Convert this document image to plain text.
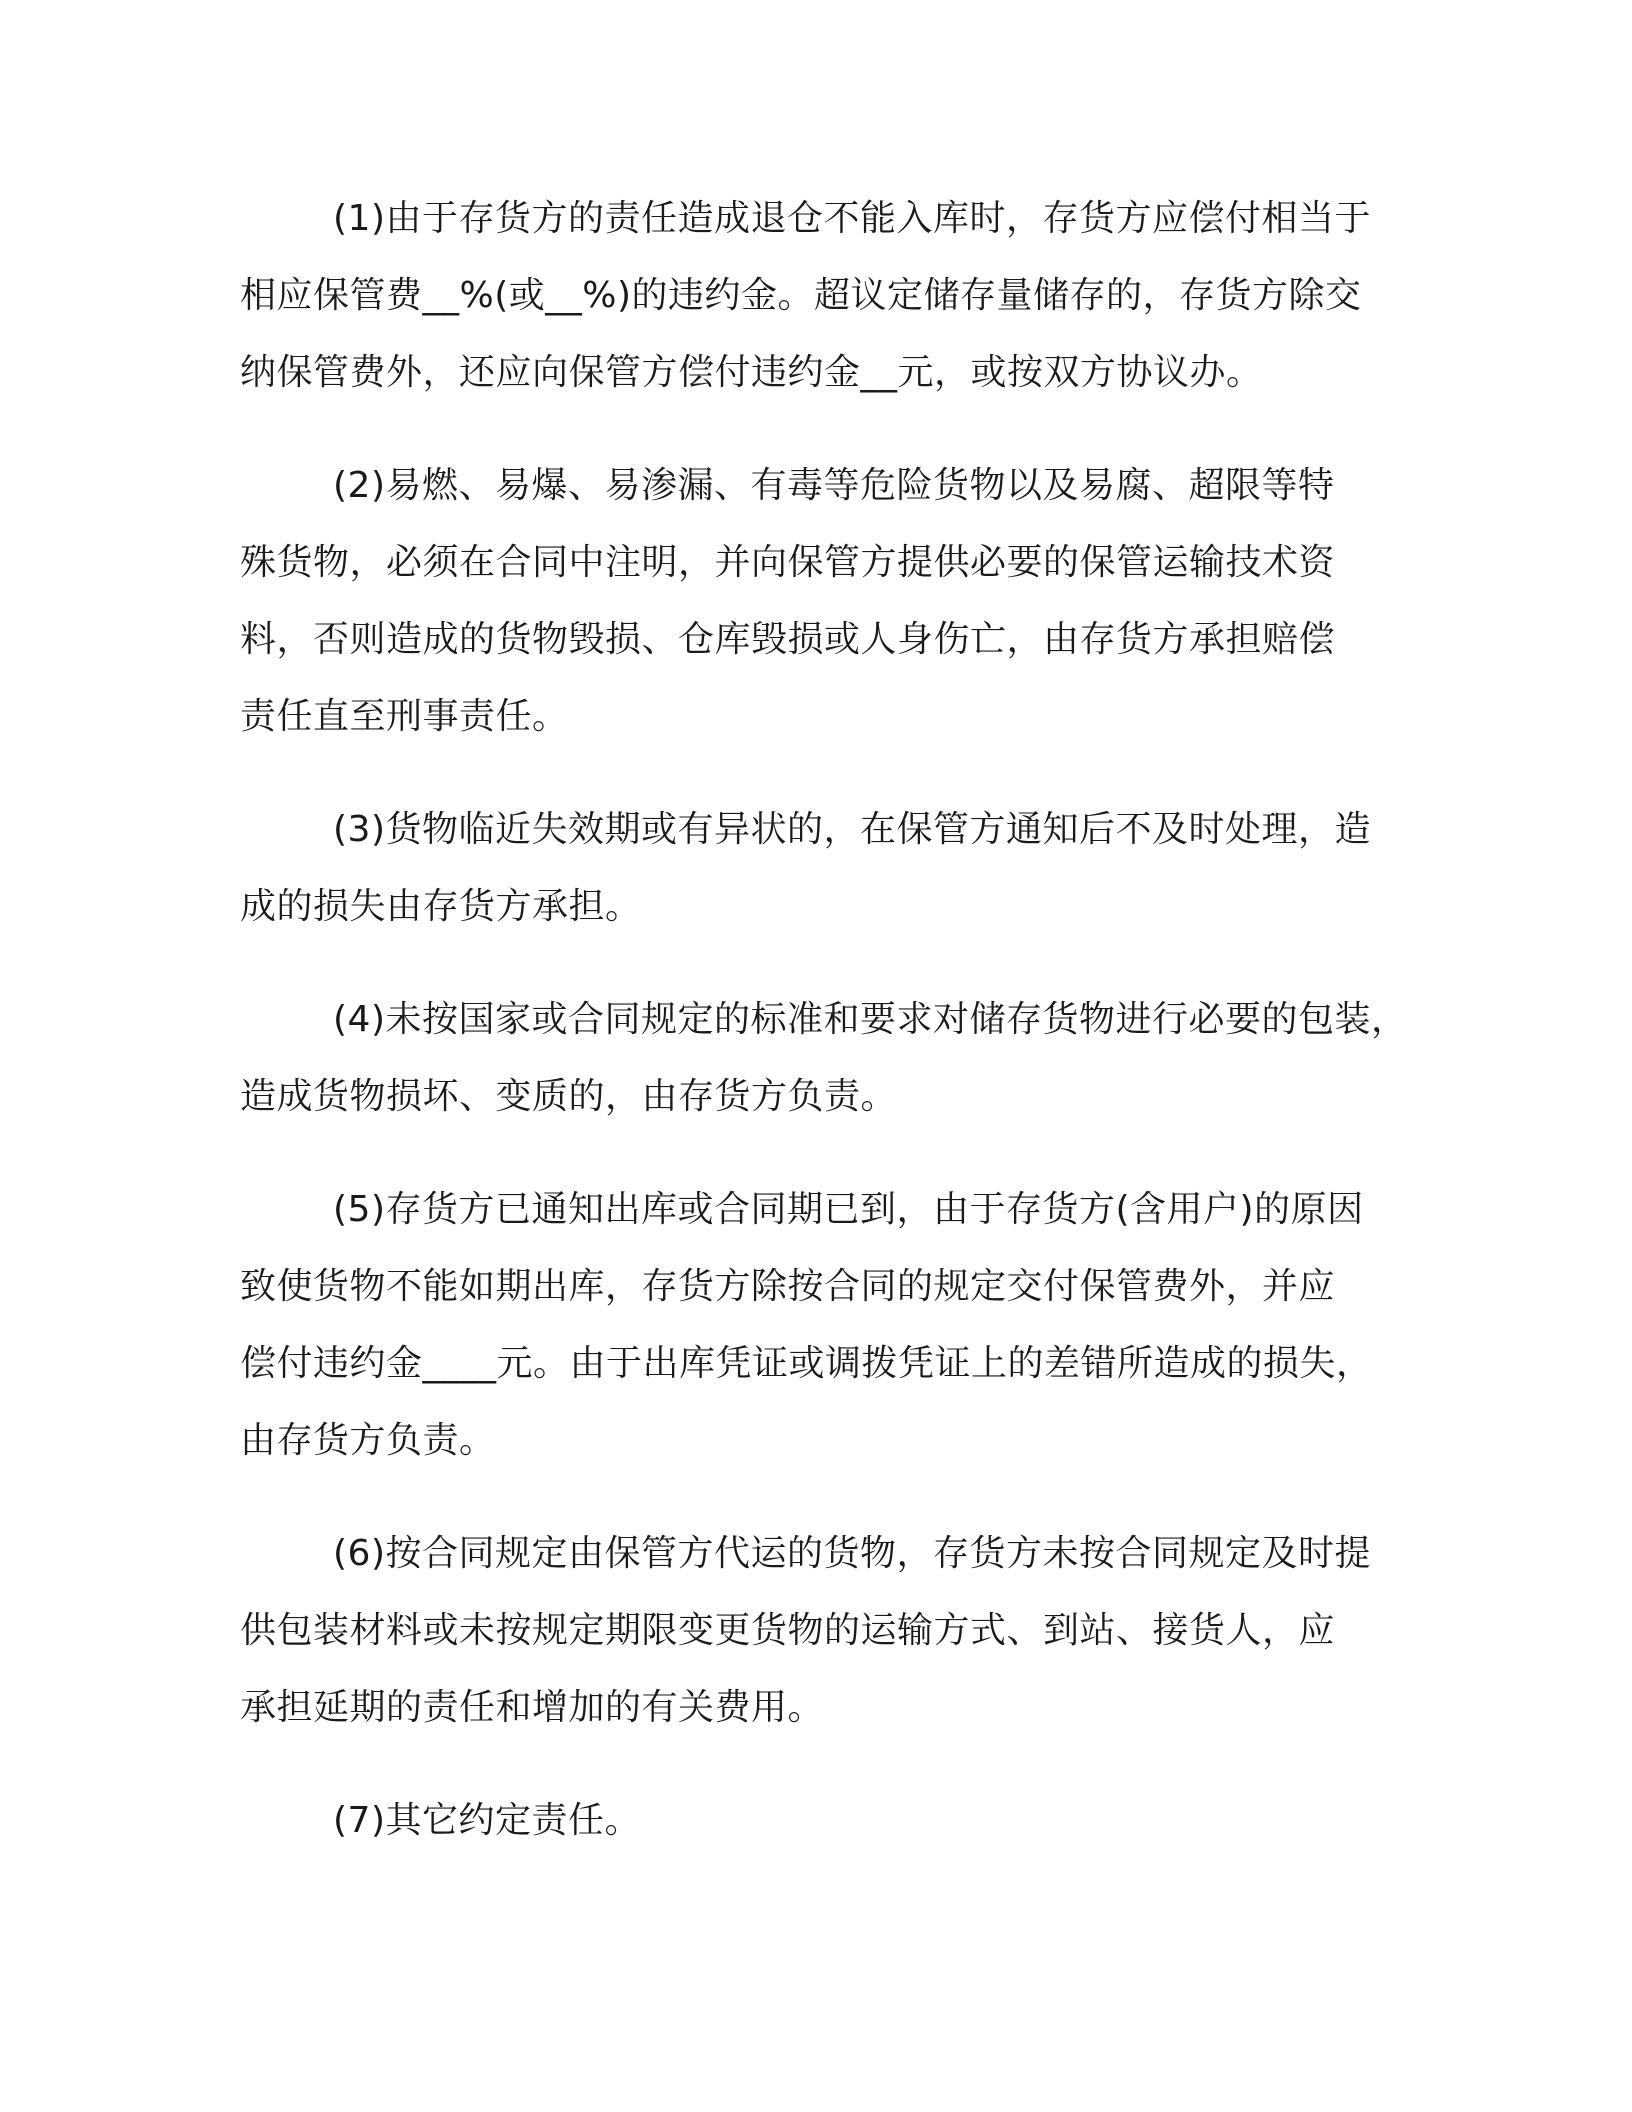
(1)由于存货方的责任造成退仓不能入库时，存货方应偿付相当于
相应保管费__%(或__%)的违约金。超议定储存量储存的，存货方除交
纳保管费外，还应向保管方偿付违约金__元，或按双方协议办。
(2)易燃、易爆、易渗漏、有毒等危险货物以及易腐、超限等特
殊货物，必须在合同中注明，并向保管方提供必要的保管运输技术资
料，否则造成的货物毁损、仓库毁损或人身伤亡，由存货方承担赔偿
责任直至刑事责任。
(3)货物临近失效期或有异状的，在保管方通知后不及时处理，造
成的损失由存货方承担。
(4)未按国家或合同规定的标准和要求对储存货物进行必要的包装，
造成货物损坏、变质的，由存货方负责。
(5)存货方已通知出库或合同期已到，由于存货方(含用户)的原因
致使货物不能如期出库，存货方除按合同的规定交付保管费外，并应
偿付违约金____元。由于出库凭证或调拨凭证上的差错所造成的损失，
由存货方负责。
(6)按合同规定由保管方代运的货物，存货方未按合同规定及时提
供包装材料或未按规定期限变更货物的运输方式、到站、接货人，应
承担延期的责任和增加的有关费用。
(7)其它约定责任。
